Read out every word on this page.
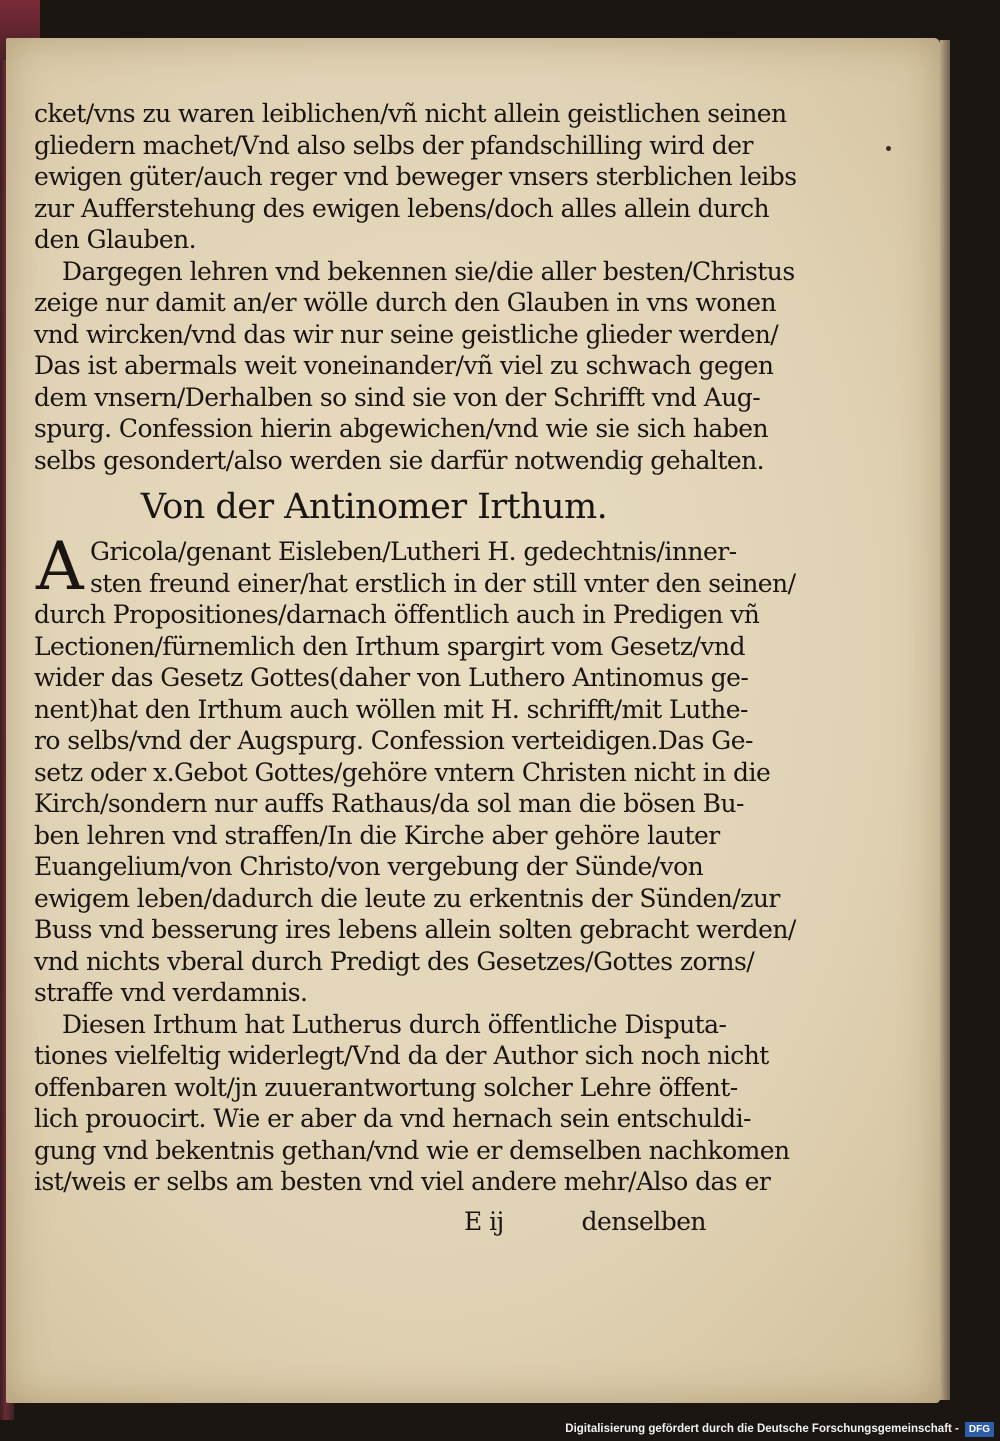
cket/vns zu waren leiblichen/vñ nicht allein geistlichen seinen
gliedern machet/Vnd also selbs der pfandschilling wird der
ewigen güter/auch reger vnd beweger vnsers sterblichen leibs
zur Aufferstehung des ewigen lebens/doch alles allein durch
den Glauben.
Dargegen lehren vnd bekennen sie/die aller besten/Christus
zeige nur damit an/er wölle durch den Glauben in vns wonen
vnd wircken/vnd das wir nur seine geistliche glieder werden/
Das ist abermals weit voneinander/vñ viel zu schwach gegen
dem vnsern/Derhalben so sind sie von der Schrifft vnd Aug-
spurg. Confession hierin abgewichen/vnd wie sie sich haben
selbs gesondert/also werden sie darfür notwendig gehalten.
Von der Antinomer Irthum.
A Gricola/genant Eisleben/Lutheri H. gedechtnis/inner-
sten freund einer/hat erstlich in der still vnter den seinen/
durch Propositiones/darnach öffentlich auch in Predigen vñ
Lectionen/fürnemlich den Irthum spargirt vom Gesetz/vnd
wider das Gesetz Gottes(daher von Luthero Antinomus ge-
nent)hat den Irthum auch wöllen mit H. schrifft/mit Luthe-
ro selbs/vnd der Augspurg. Confession verteidigen.Das Ge-
setz oder x.Gebot Gottes/gehöre vntern Christen nicht in die
Kirch/sondern nur auffs Rathaus/da sol man die bösen Bu-
ben lehren vnd straffen/In die Kirche aber gehöre lauter
Euangelium/von Christo/von vergebung der Sünde/von
ewigem leben/dadurch die leute zu erkentnis der Sünden/zur
Buss vnd besserung ires lebens allein solten gebracht werden/
vnd nichts vberal durch Predigt des Gesetzes/Gottes zorns/
straffe vnd verdamnis.
Diesen Irthum hat Lutherus durch öffentliche Disputa-
tiones vielfeltig widerlegt/Vnd da der Author sich noch nicht
offenbaren wolt/jn zuuerantwortung solcher Lehre öffent-
lich prouocirt. Wie er aber da vnd hernach sein entschuldi-
gung vnd bekentnis gethan/vnd wie er demselben nachkomen
ist/weis er selbs am besten vnd viel andere mehr/Also das er
E ij	denselben
Digitalisierung gefördert durch die Deutsche Forschungsgemeinschaft -	DFG
